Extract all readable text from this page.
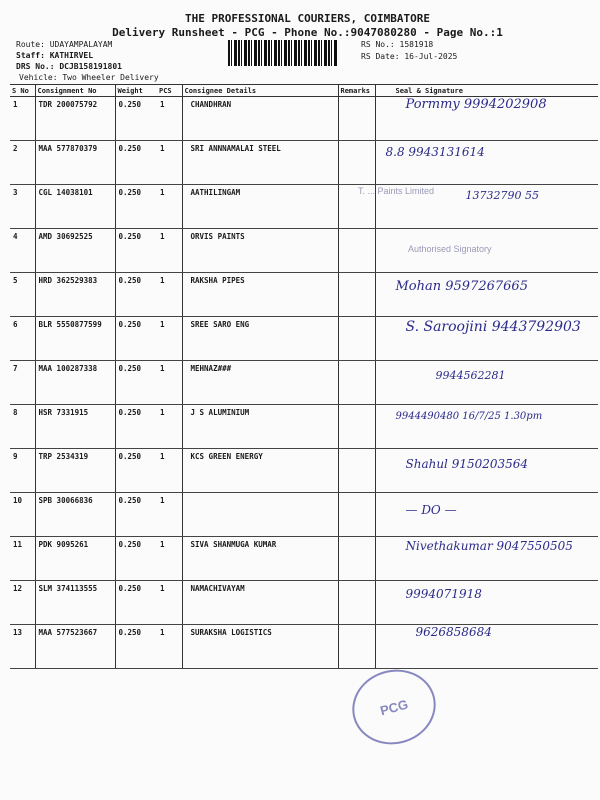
THE PROFESSIONAL COURIERS, COIMBATORE
Delivery Runsheet - PCG - Phone No.:9047080280 - Page No.:1
Route: UDAYAMPALAYAM
Staff: KATHIRVEL
DRS No.: DCJB158191801
Vehicle: Two Wheeler Delivery
RS No.: 1581918
RS Date: 16-Jul-2025
S No	Consignment No	Weight	PCS	Consignee Details	Remarks	Seal & Signature
1	TDR 200075792	0.250	1	CHANDHRAN		Pormmy 9994202908

2	MAA 577870379	0.250	1	SRI ANNNAMALAI STEEL		8.8 9943131614

3	CGL 14038101	0.250	1	AATHILINGAM		13732790 55

4	AMD 30692525	0.250	1	ORVIS PAINTS		

5	HRD 362529383	0.250	1	RAKSHA PIPES		Mohan 9597267665

6	BLR 5550877599	0.250	1	SREE SARO ENG		S. Saroojini 9443792903

7	MAA 100287338	0.250	1	MEHNAZ###		9944562281

8	HSR 7331915	0.250	1	J S ALUMINIUM		9944490480 16/7/25 1.30pm

9	TRP 2534319	0.250	1	KCS GREEN ENERGY		Shahul 9150203564

10	SPB 30066836	0.250	1			— DO —

11	PDK 9095261	0.250	1	SIVA SHANMUGA KUMAR		Nivethakumar 9047550505

12	SLM 374113555	0.250	1	NAMACHIVAYAM		9994071918

13	MAA 577523667	0.250	1	SURAKSHA LOGISTICS		9626858684
T. ... Paints Limited
Authorised Signatory
PCG
